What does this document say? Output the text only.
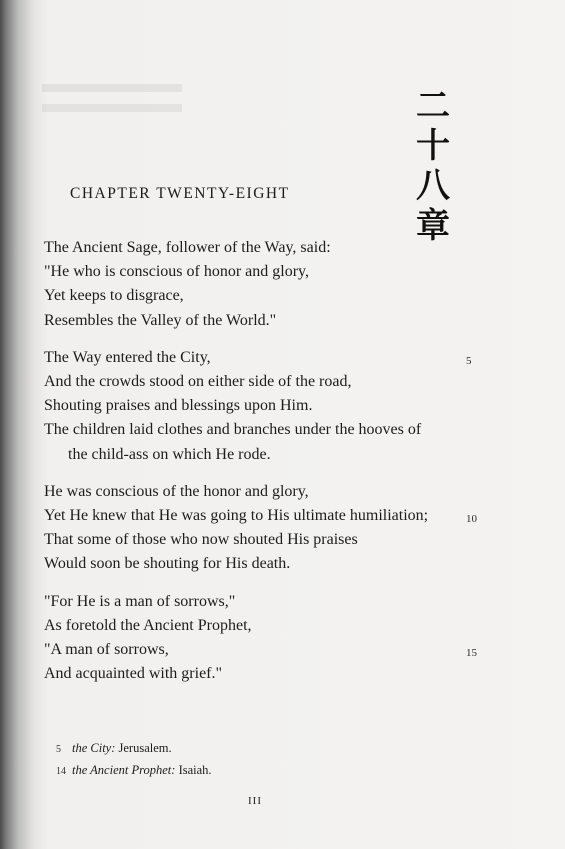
二
十
八
章
CHAPTER TWENTY-EIGHT
The Ancient Sage, follower of the Way, said:
"He who is conscious of honor and glory,
Yet keeps to disgrace,
Resembles the Valley of the World."
The Way entered the City,	5
And the crowds stood on either side of the road,
Shouting praises and blessings upon Him.
The children laid clothes and branches under the hooves of
the child-ass on which He rode.
He was conscious of the honor and glory,
Yet He knew that He was going to His ultimate humiliation;	10
That some of those who now shouted His praises
Would soon be shouting for His death.
"For He is a man of sorrows,"
As foretold the Ancient Prophet,
"A man of sorrows,	15
And acquainted with grief."
5 the City: Jerusalem.
14 the Ancient Prophet: Isaiah.
III
